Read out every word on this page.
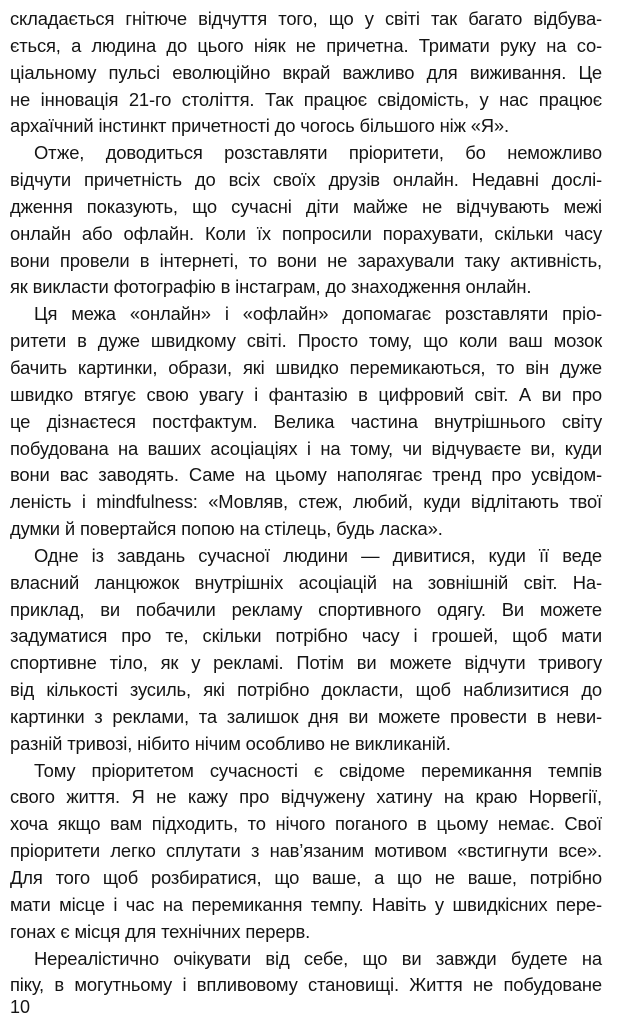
складається гнітюче відчуття того, що у світі так багато відбува-
ється, а людина до цього ніяк не причетна. Тримати руку на со-
ціальному пульсі еволюційно вкрай важливо для виживання. Це
не інновація 21-го століття. Так працює свідомість, у нас працює
архаїчний інстинкт причетності до чогось більшого ніж «Я».
Отже, доводиться розставляти пріоритети, бо неможливо
відчути причетність до всіх своїх друзів онлайн. Недавні дослі-
дження показують, що сучасні діти майже не відчувають межі
онлайн або офлайн. Коли їх попросили порахувати, скільки часу
вони провели в інтернеті, то вони не зарахували таку активність,
як викласти фотографію в інстаграм, до знаходження онлайн.
Ця межа «онлайн» і «офлайн» допомагає розставляти пріо-
ритети в дуже швидкому світі. Просто тому, що коли ваш мозок
бачить картинки, образи, які швидко перемикаються, то він дуже
швидко втягує свою увагу і фантазію в цифровий світ. А ви про
це дізнаєтеся постфактум. Велика частина внутрішнього світу
побудована на ваших асоціаціях і на тому, чи відчуваєте ви, куди
вони вас заводять. Саме на цьому наполягає тренд про усвідом-
леність і mindfulness: «Мовляв, стеж, любий, куди відлітають твої
думки й повертайся попою на стілець, будь ласка».
Одне із завдань сучасної людини — дивитися, куди її веде
власний ланцюжок внутрішніх асоціацій на зовнішній світ. На-
приклад, ви побачили рекламу спортивного одягу. Ви можете
задуматися про те, скільки потрібно часу і грошей, щоб мати
спортивне тіло, як у рекламі. Потім ви можете відчути тривогу
від кількості зусиль, які потрібно докласти, щоб наблизитися до
картинки з реклами, та залишок дня ви можете провести в неви-
разній тривозі, нібито нічим особливо не викликаній.
Тому пріоритетом сучасності є свідоме перемикання темпів
свого життя. Я не кажу про відчужену хатину на краю Норвегії,
хоча якщо вам підходить, то нічого поганого в цьому немає. Свої
пріоритети легко сплутати з нав’язаним мотивом «встигнути все».
Для того щоб розбиратися, що ваше, а що не ваше, потрібно
мати місце і час на перемикання темпу. Навіть у швидкісних пере-
гонах є місця для технічних перерв.
Нереалістично очікувати від себе, що ви завжди будете на
піку, в могутньому і впливовому становищі. Життя не побудоване
10
